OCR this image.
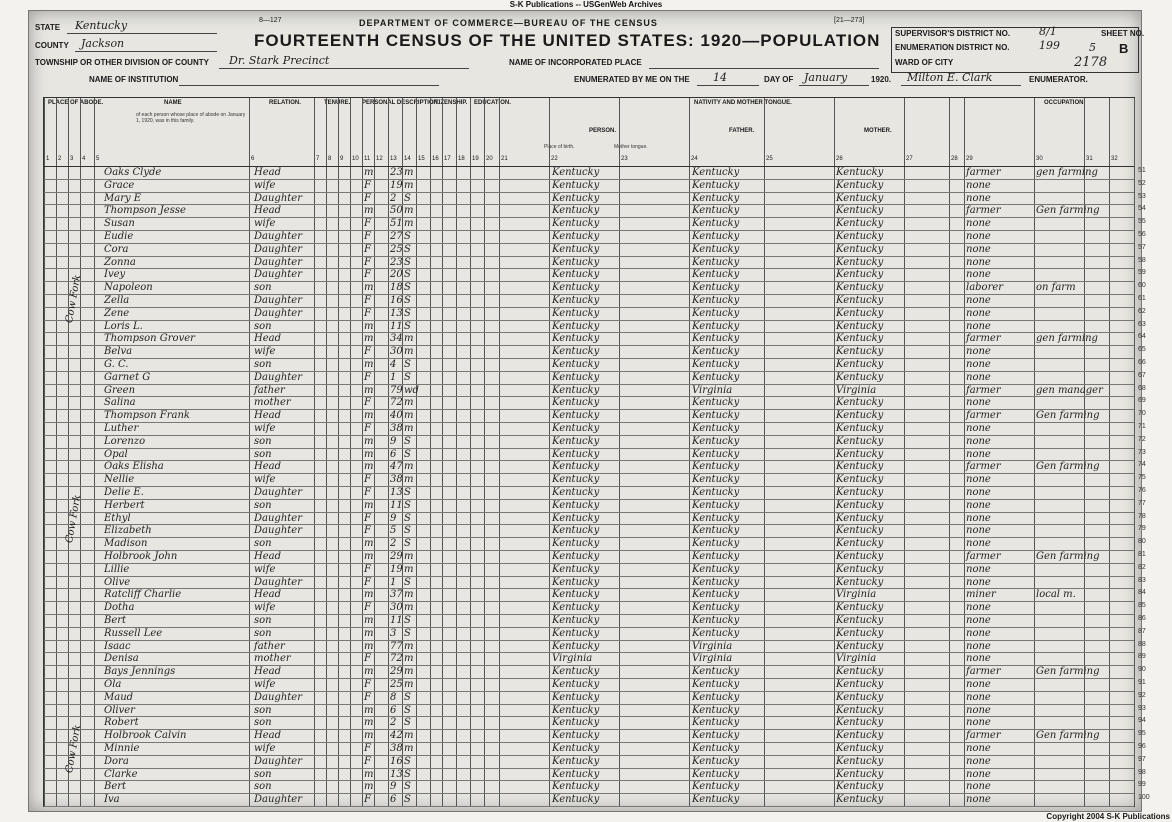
S-K Publications -- USGenWeb Archives
8—127	DEPARTMENT OF COMMERCE—BUREAU OF THE CENSUS	[21—273]
FOURTEENTH CENSUS OF THE UNITED STATES: 1920—POPULATION
STATE Kentucky
COUNTY Jackson
TOWNSHIP OR OTHER DIVISION OF COUNTY Dr. Stark Precinct	NAME OF INCORPORATED PLACE
NAME OF INSTITUTION	ENUMERATED BY ME ON THE 14	DAY OF January	1920. Milton E. Clark	ENUMERATOR.
SUPERVISOR'S DISTRICT NO.	8/1
ENUMERATION DISTRICT NO.	199
SHEET NO.
5 B
WARD OF CITY	2178
PLACE OF ABODE.	NAME	RELATION.	TENURE. PERSONAL DESCRIPTION.
CITIZENSHIP. EDUCATION.	NATIVITY AND MOTHER TONGUE.	OCCUPATION.
PERSON.	FATHER.	MOTHER.
Place of birth.	Mother tongue.
of each person whose place of abode on January 1, 1920, was in this family.
51
Oaks Clyde	Head	m 23 m	Kentucky	Kentucky	Kentucky	farmer	gen farming
52
Grace	wife	F 19 m	Kentucky	Kentucky	Kentucky	none
53
Mary E	Daughter	F 2 S	Kentucky	Kentucky	Kentucky	none
54
Thompson Jesse	Head	m 50 m	Kentucky	Kentucky	Kentucky	farmer	Gen farming
55
Susan	wife	F 51 m	Kentucky	Kentucky	Kentucky	none
56
Eudie	Daughter	F 27 S	Kentucky	Kentucky	Kentucky	none
57
Cora	Daughter	F 25 S	Kentucky	Kentucky	Kentucky	none
58
Zonna	Daughter	F 23 S	Kentucky	Kentucky	Kentucky	none
59
Ivey	Daughter	F 20 S	Kentucky	Kentucky	Kentucky	none
60
Napoleon	son	m 18 S	Kentucky	Kentucky	Kentucky	laborer	on farm
61
Zella	Daughter	F 16 S	Kentucky	Kentucky	Kentucky	none
62
Zene	Daughter	F 13 S	Kentucky	Kentucky	Kentucky	none
63
Loris L.	son	m 11 S	Kentucky	Kentucky	Kentucky	none
64
Thompson Grover	Head	m 34 m	Kentucky	Kentucky	Kentucky	farmer	gen farming
65
Belva	wife	F 30 m	Kentucky	Kentucky	Kentucky	none
66
G. C.	son	m 4 S	Kentucky	Kentucky	Kentucky	none
67
Garnet G	Daughter	F 1 S	Kentucky	Kentucky	Kentucky	none
68
Green	father	m 79 wd	Kentucky	Virginia	Virginia	farmer	gen manager
69
Salina	mother	F 72 m	Kentucky	Kentucky	Kentucky	none
70
Thompson Frank	Head	m 40 m	Kentucky	Kentucky	Kentucky	farmer	Gen farming
71
Luther	wife	F 38 m	Kentucky	Kentucky	Kentucky	none
72
Lorenzo	son	m 9 S	Kentucky	Kentucky	Kentucky	none
73
Opal	son	m 6 S	Kentucky	Kentucky	Kentucky	none
74
Oaks Elisha	Head	m 47 m	Kentucky	Kentucky	Kentucky	farmer	Gen farming
75
Nellie	wife	F 38 m	Kentucky	Kentucky	Kentucky	none
76
Delie E.	Daughter	F 13 S	Kentucky	Kentucky	Kentucky	none
77
Herbert	son	m 11 S	Kentucky	Kentucky	Kentucky	none
78
Ethyl	Daughter	F 9 S	Kentucky	Kentucky	Kentucky	none
79
Elizabeth	Daughter	F 5 S	Kentucky	Kentucky	Kentucky	none
80
Madison	son	m 2 S	Kentucky	Kentucky	Kentucky	none
81
Holbrook John	Head	m 29 m	Kentucky	Kentucky	Kentucky	farmer	Gen farming
82
Lillie	wife	F 19 m	Kentucky	Kentucky	Kentucky	none
83
Olive	Daughter	F 1 S	Kentucky	Kentucky	Kentucky	none
84
Ratcliff Charlie	Head	m 37 m	Kentucky	Kentucky	Virginia	miner	local m.
85
Dotha	wife	F 30 m	Kentucky	Kentucky	Kentucky	none
86
Bert	son	m 11 S	Kentucky	Kentucky	Kentucky	none
87
Russell Lee	son	m 3 S	Kentucky	Kentucky	Kentucky	none
88
Isaac	father	m 77 m	Kentucky	Virginia	Kentucky	none
89
Denisa	mother	F 72 m	Virginia	Virginia	Virginia	none
90
Bays Jennings	Head	m 29 m	Kentucky	Kentucky	Kentucky	farmer	Gen farming
91
Ola	wife	F 25 m	Kentucky	Kentucky	Kentucky	none
92
Maud	Daughter	F 8 S	Kentucky	Kentucky	Kentucky	none
93
Oliver	son	m 6 S	Kentucky	Kentucky	Kentucky	none
94
Robert	son	m 2 S	Kentucky	Kentucky	Kentucky	none
95
Holbrook Calvin	Head	m 42 m	Kentucky	Kentucky	Kentucky	farmer	Gen farming
96
Minnie	wife	F 38 m	Kentucky	Kentucky	Kentucky	none
97
Dora	Daughter	F 16 S	Kentucky	Kentucky	Kentucky	none
98
Clarke	son	m 13 S	Kentucky	Kentucky	Kentucky	none
99
Bert	son	m 9 S	Kentucky	Kentucky	Kentucky	none
100
Iva	Daughter	F 6 S	Kentucky	Kentucky	Kentucky	none
Cow Fork
Cow Fork
Cow Fork
1 2 3 4 5	6	7 8 9 10 11 12 13 14 15 16 17 18 19 20 21	22	23	24	25	26	27	28 29	30	31	32
Copyright 2004 S-K Publications
